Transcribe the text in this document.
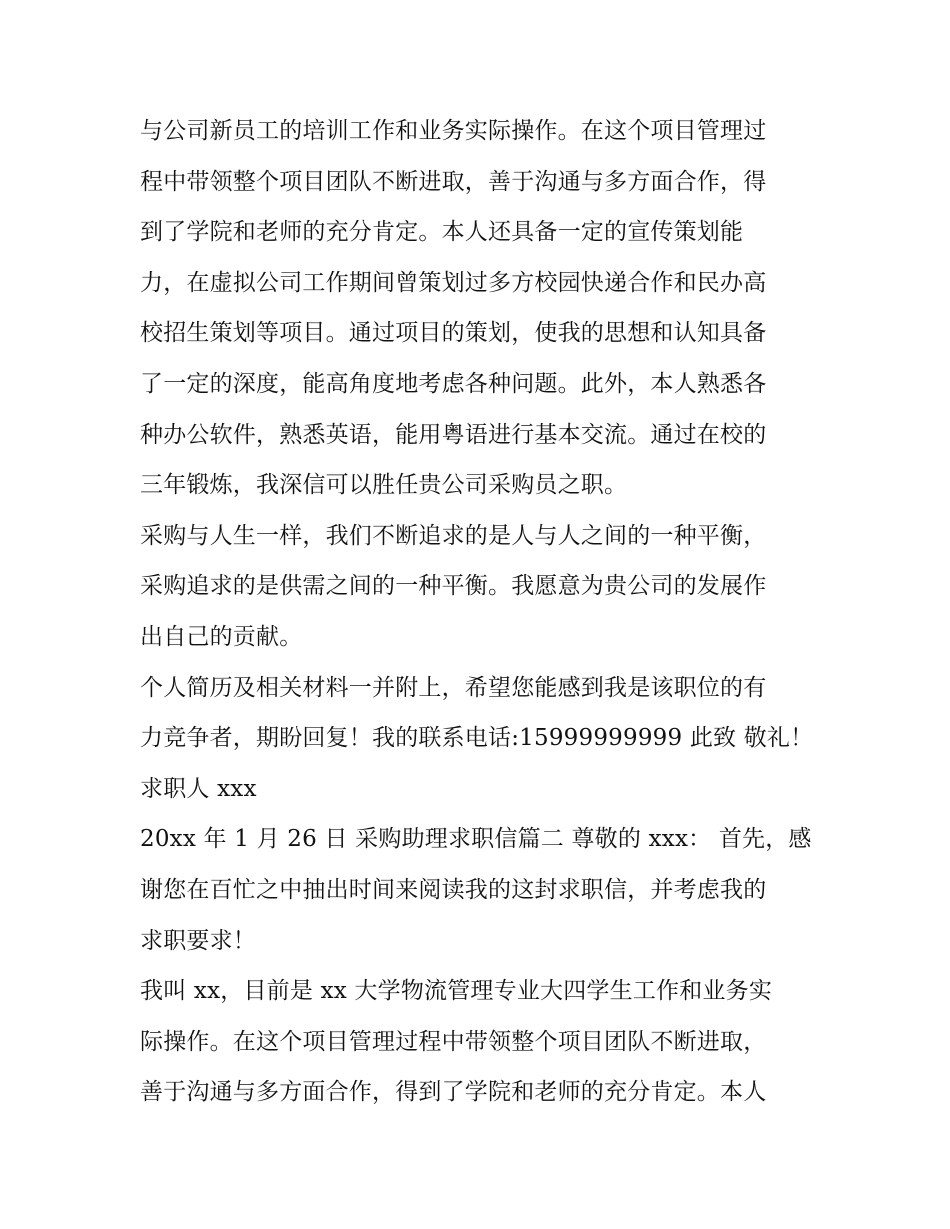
与公司新员工的培训工作和业务实际操作。在这个项目管理过
程中带领整个项目团队不断进取，善于沟通与多方面合作，得
到了学院和老师的充分肯定。本人还具备一定的宣传策划能
力，在虚拟公司工作期间曾策划过多方校园快递合作和民办高
校招生策划等项目。通过项目的策划，使我的思想和认知具备
了一定的深度，能高角度地考虑各种问题。此外，本人熟悉各
种办公软件，熟悉英语，能用粤语进行基本交流。通过在校的
三年锻炼，我深信可以胜任贵公司采购员之职。
采购与人生一样，我们不断追求的是人与人之间的一种平衡，
采购追求的是供需之间的一种平衡。我愿意为贵公司的发展作
出自己的贡献。
个人简历及相关材料一并附上，希望您能感到我是该职位的有
力竞争者，期盼回复！我的联系电话:15999999999 此致 敬礼！
求职人 xxx
20xx 年 1 月 26 日 采购助理求职信篇二 尊敬的 xxx： 首先，感
谢您在百忙之中抽出时间来阅读我的这封求职信，并考虑我的
求职要求！
我叫 xx，目前是 xx 大学物流管理专业大四学生工作和业务实
际操作。在这个项目管理过程中带领整个项目团队不断进取，
善于沟通与多方面合作，得到了学院和老师的充分肯定。本人
